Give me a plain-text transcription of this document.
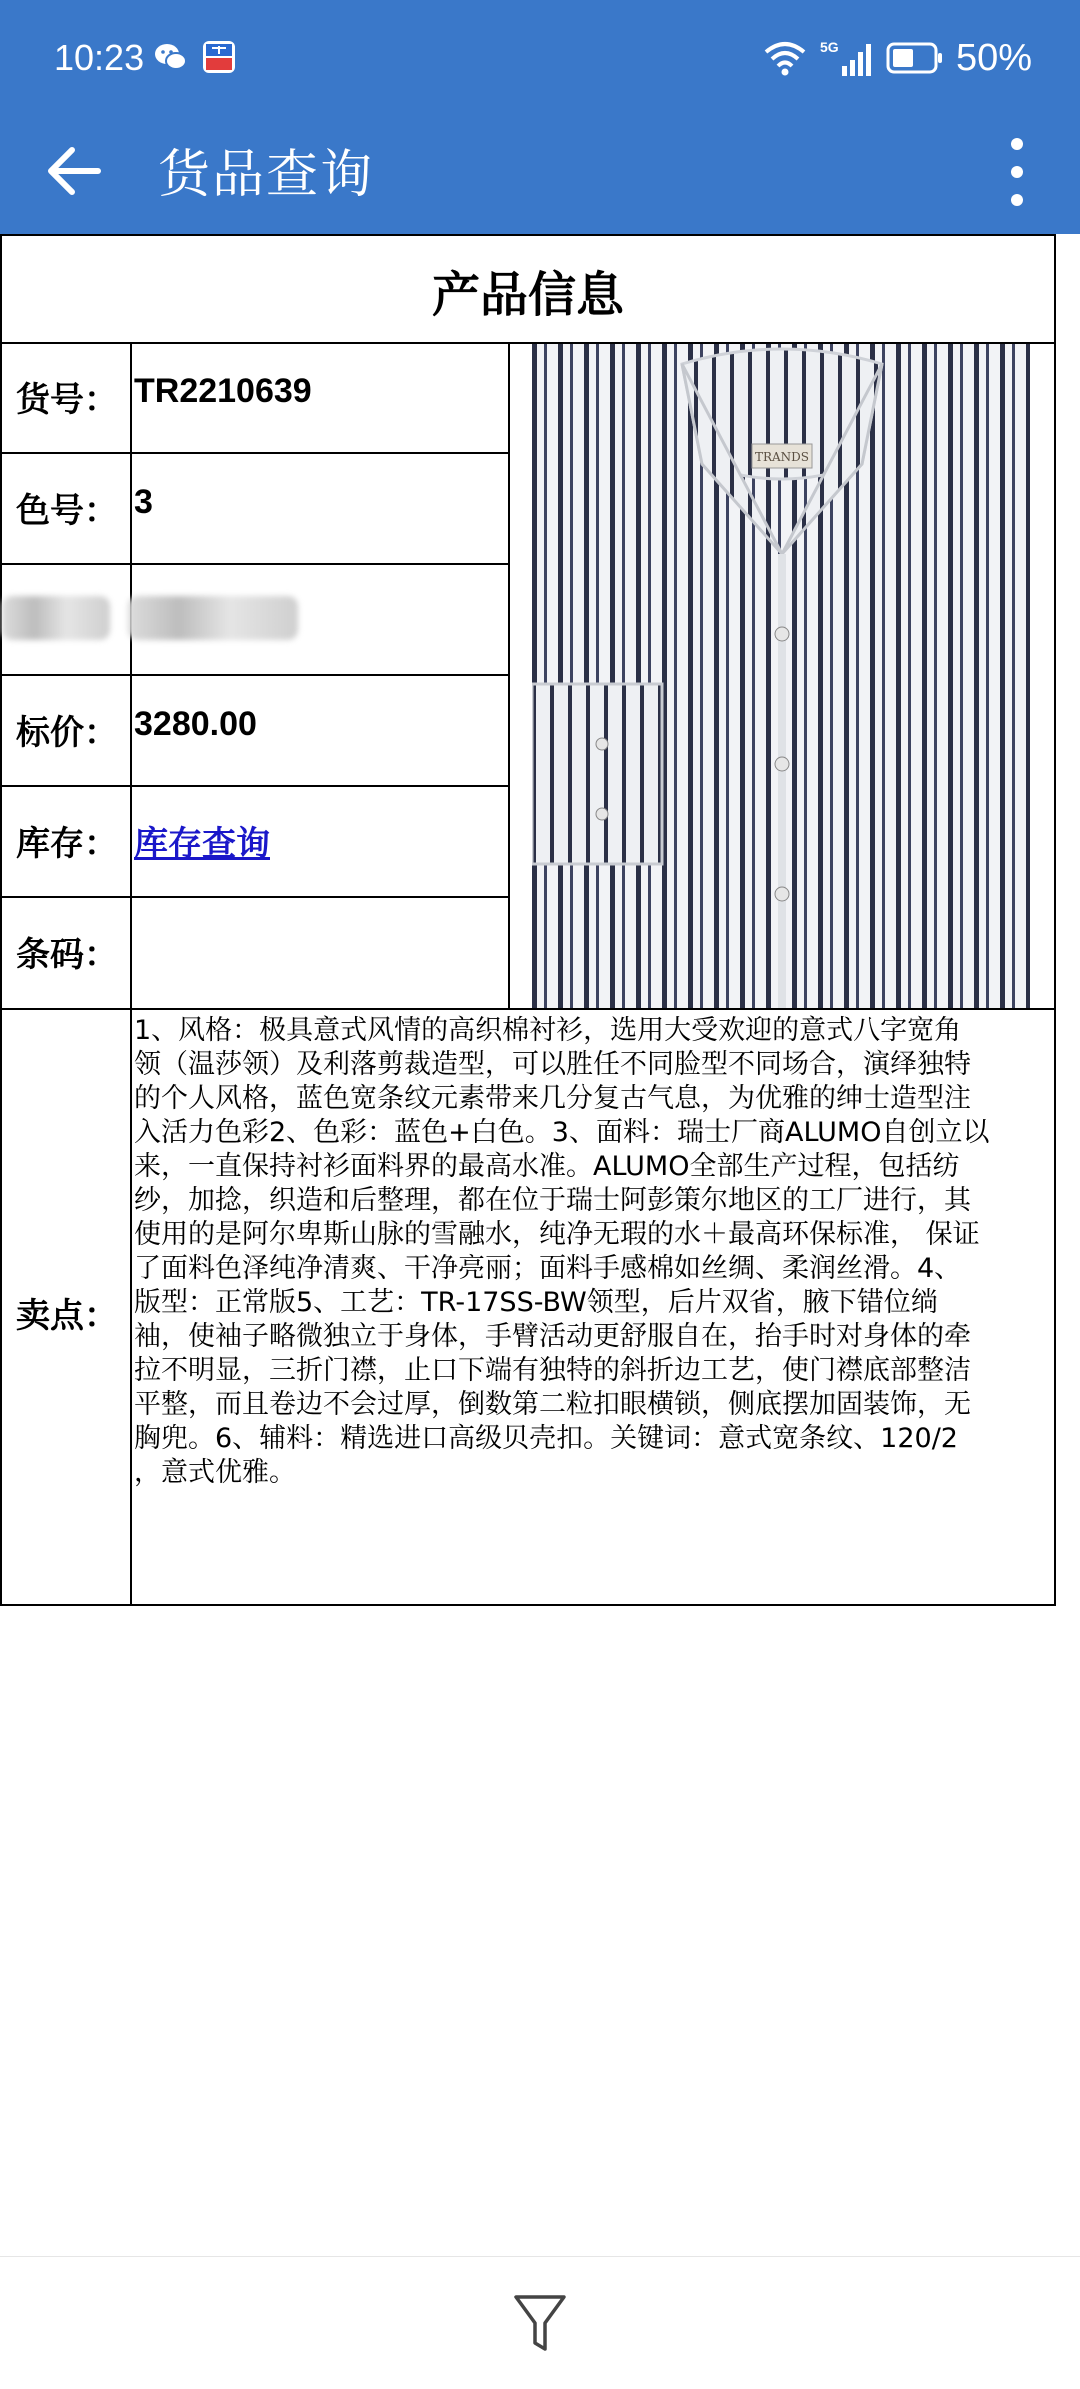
10:23	5G	50%
货品查询
产品信息
货号： TR2210639
色号： 3
标价： 3280.00
库存： 库存查询
条码：
TRANDS
卖点：
1、风格：极具意式风情的高织棉衬衫，选用大受欢迎的意式八字宽角
领（温莎领）及利落剪裁造型，可以胜任不同脸型不同场合，演绎独特
的个人风格，蓝色宽条纹元素带来几分复古气息，为优雅的绅士造型注
入活力色彩2、色彩：蓝色+白色。3、面料：瑞士厂商ALUMO自创立以
来，一直保持衬衫面料界的最高水准。ALUMO全部生产过程，包括纺
纱，加捻，织造和后整理，都在位于瑞士阿彭策尔地区的工厂进行，其
使用的是阿尔卑斯山脉的雪融水，纯净无瑕的水＋最高环保标准， 保证
了面料色泽纯净清爽、干净亮丽；面料手感棉如丝绸、柔润丝滑。4、
版型：正常版5、工艺：TR-17SS-BW领型，后片双省，腋下错位绱
袖，使袖子略微独立于身体，手臂活动更舒服自在，抬手时对身体的牵
拉不明显，三折门襟，止口下端有独特的斜折边工艺，使门襟底部整洁
平整，而且卷边不会过厚，倒数第二粒扣眼横锁，侧底摆加固装饰，无
胸兜。6、辅料：精选进口高级贝壳扣。关键词：意式宽条纹、120/2
，意式优雅。
